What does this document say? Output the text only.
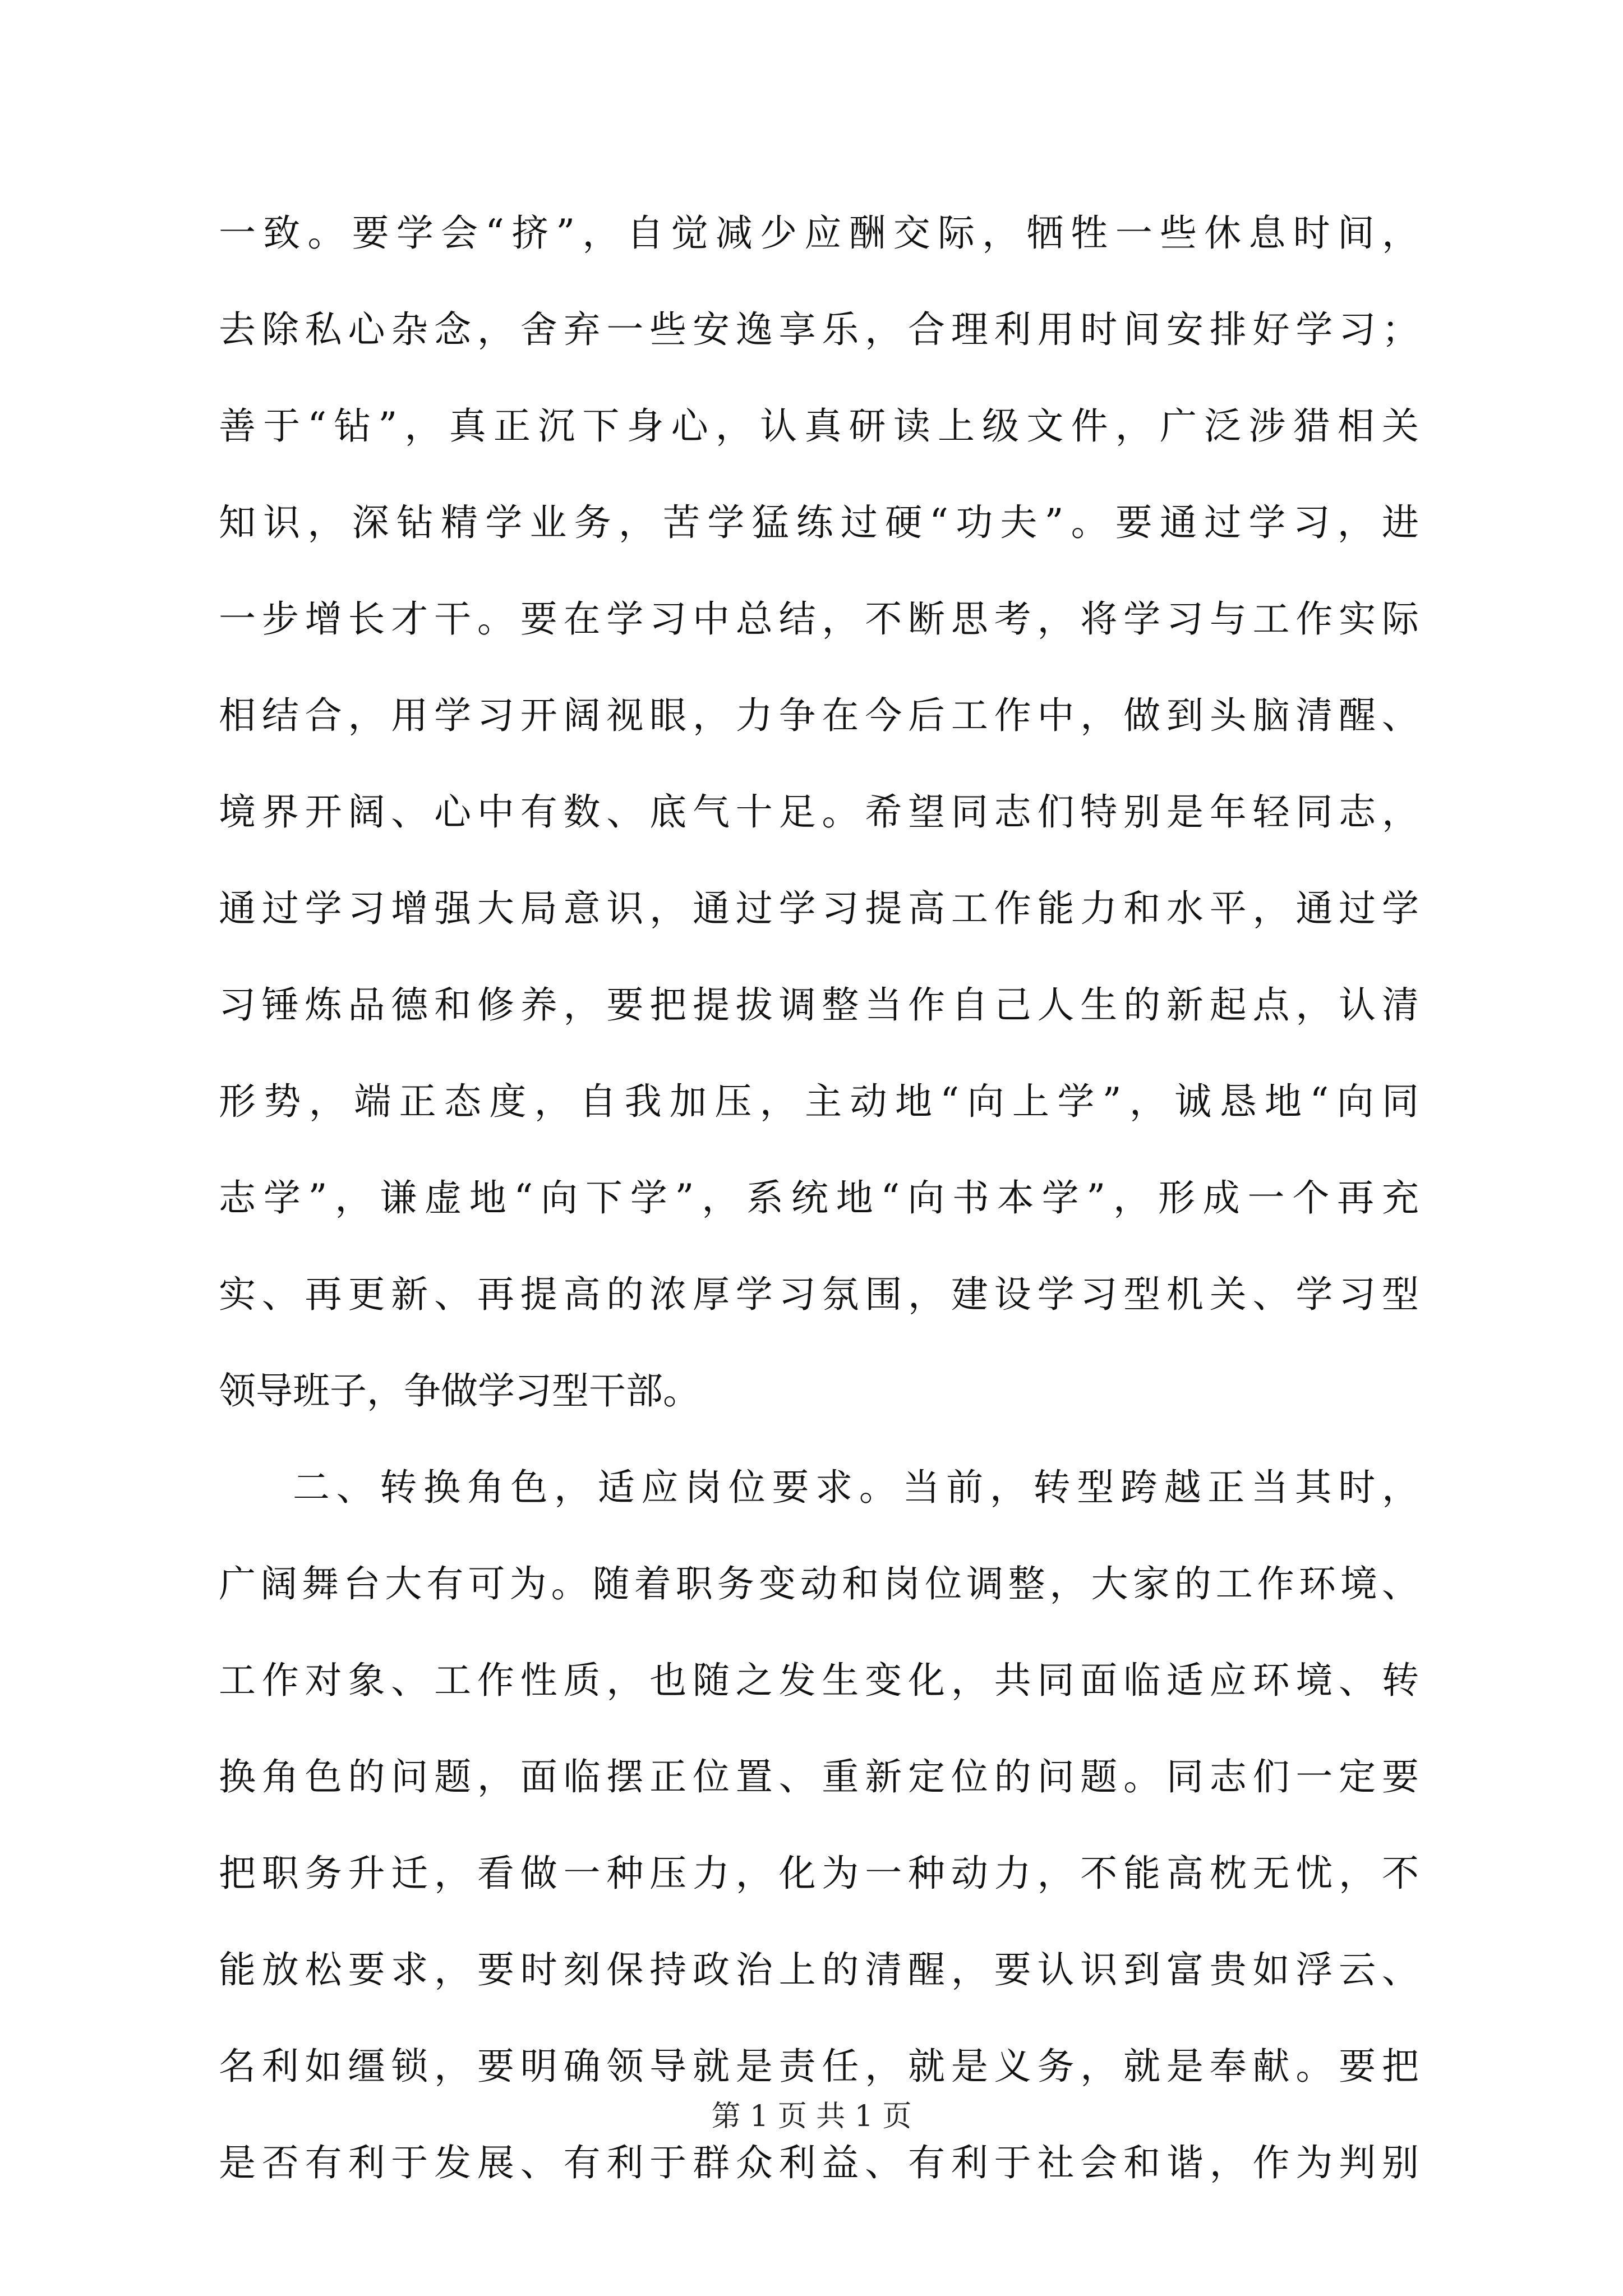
一致。要学会“挤”，自觉减少应酬交际，牺牲一些休息时间，
去除私心杂念，舍弃一些安逸享乐，合理利用时间安排好学习；
善于“钻”，真正沉下身心，认真研读上级文件，广泛涉猎相关
知识，深钻精学业务，苦学猛练过硬“功夫”。要通过学习，进
一步增长才干。要在学习中总结，不断思考，将学习与工作实际
相结合，用学习开阔视眼，力争在今后工作中，做到头脑清醒、
境界开阔、心中有数、底气十足。希望同志们特别是年轻同志，
通过学习增强大局意识，通过学习提高工作能力和水平，通过学
习锤炼品德和修养，要把提拔调整当作自己人生的新起点，认清
形势，端正态度，自我加压，主动地“向上学”，诚恳地“向同
志学”，谦虚地“向下学”，系统地“向书本学”，形成一个再充
实、再更新、再提高的浓厚学习氛围，建设学习型机关、学习型
领导班子，争做学习型干部。
二、转换角色，适应岗位要求。当前，转型跨越正当其时，
广阔舞台大有可为。随着职务变动和岗位调整，大家的工作环境、
工作对象、工作性质，也随之发生变化，共同面临适应环境、转
换角色的问题，面临摆正位置、重新定位的问题。同志们一定要
把职务升迁，看做一种压力，化为一种动力，不能高枕无忧，不
能放松要求，要时刻保持政治上的清醒，要认识到富贵如浮云、
名利如缰锁，要明确领导就是责任，就是义务，就是奉献。要把
是否有利于发展、有利于群众利益、有利于社会和谐，作为判别
第 1 页 共 1 页
